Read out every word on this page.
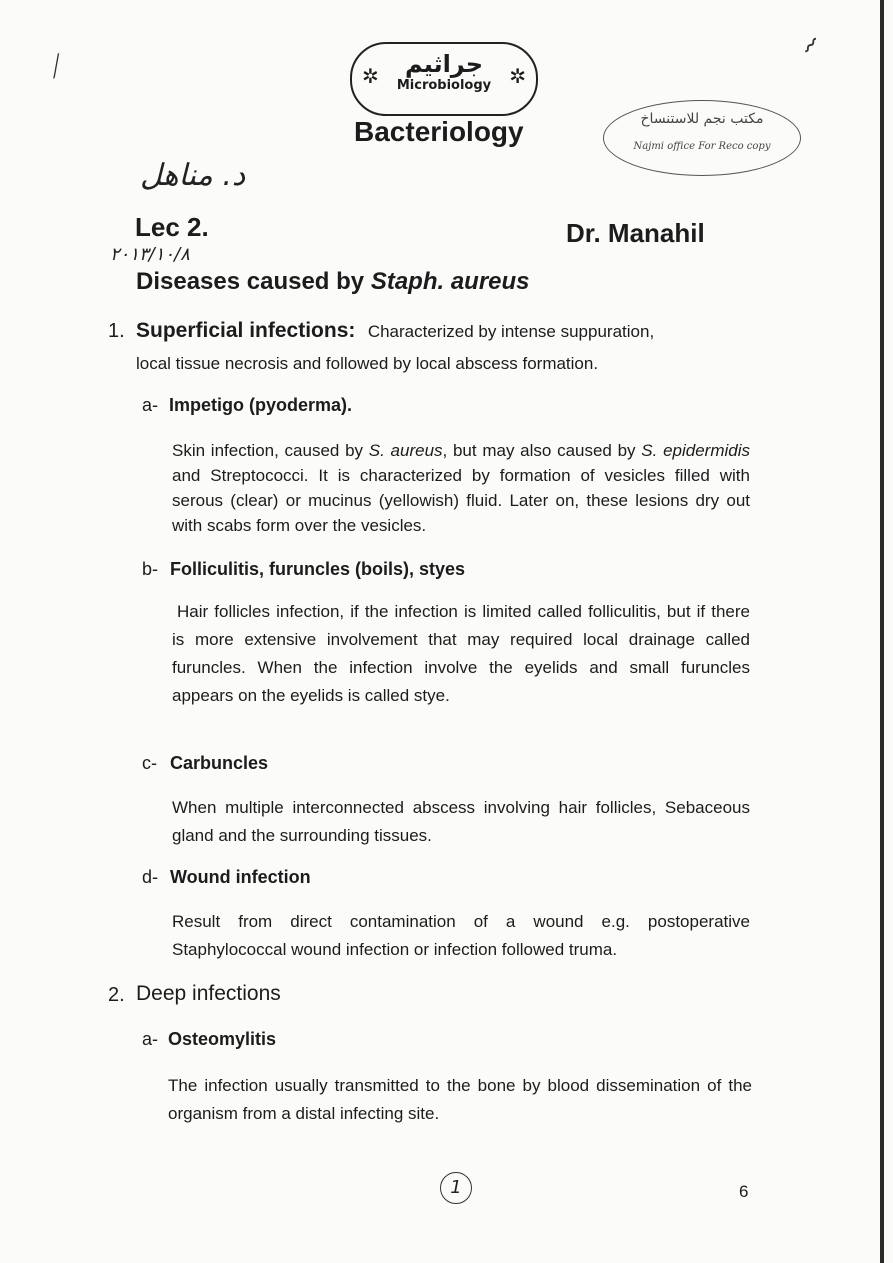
⟋
⌇
✲	✲
جراثيم
Microbiology
Bacteriology	مكتب نجم للاستنساخ
Najmi office For Reco copy
د. مناهل
Lec 2.	Dr. Manahil
٢٠١٣/١٠/٨
Diseases caused by Staph. aureus
1. Superficial infections: Characterized by intense suppuration,
local tissue necrosis and followed by local abscess formation.
a- Impetigo (pyoderma).
Skin infection, caused by S. aureus, but may also caused by S. epidermidis and Streptococci. It is characterized by formation of vesicles filled with serous (clear) or mucinus (yellowish) fluid. Later on, these lesions dry out with scabs form over the vesicles.
b- Folliculitis, furuncles (boils), styes
Hair follicles infection, if the infection is limited called folliculitis, but if there is more extensive involvement that may required local drainage called furuncles. When the infection involve the eyelids and small furuncles appears on the eyelids is called stye.
c- Carbuncles
When multiple interconnected abscess involving hair follicles, Sebaceous gland and the surrounding tissues.
d- Wound infection
Result from direct contamination of a wound e.g. postoperative Staphylococcal wound infection or infection followed truma.
2. Deep infections
a- Osteomylitis
The infection usually transmitted to the bone by blood dissemination of the organism from a distal infecting site.
1	6
